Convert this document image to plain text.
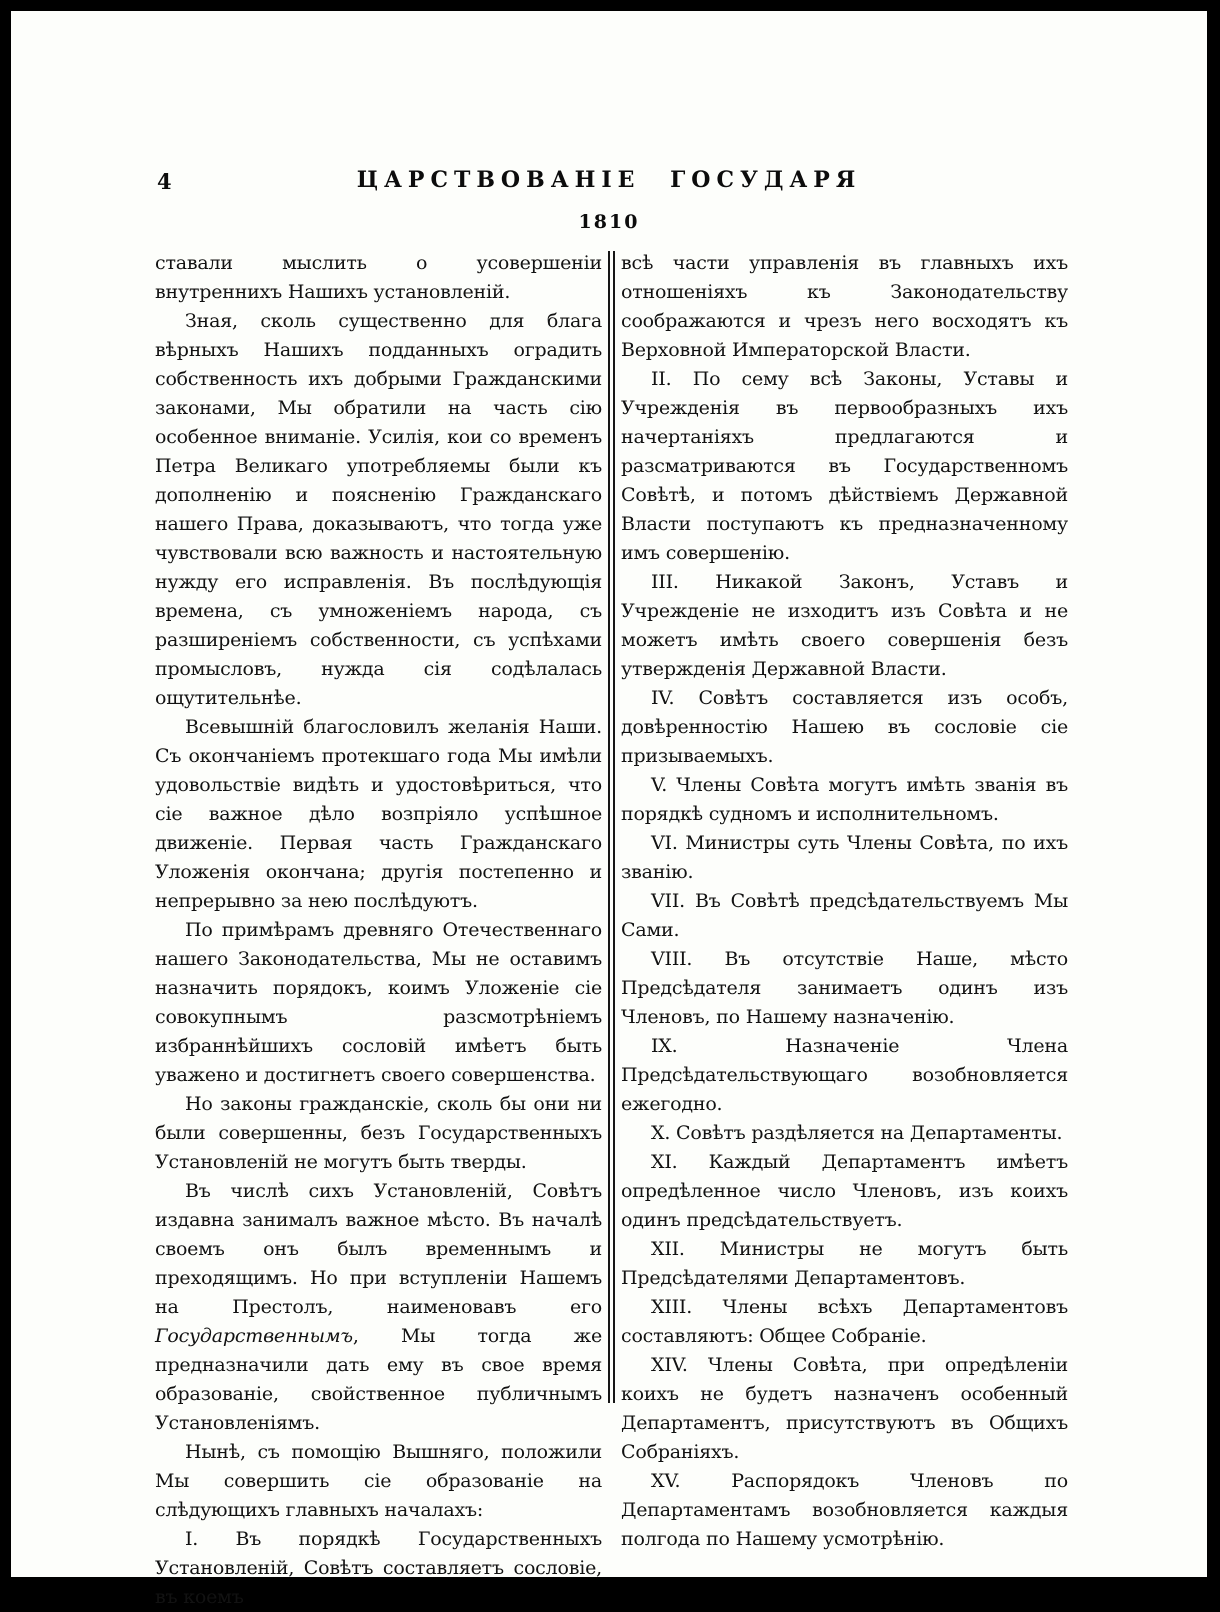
4	ЦАРСТВОВАНІЕ ГОСУДАРЯ
1810

ставали мыслить о усовершеніи внутреннихъ Нашихъ установленій.

Зная, сколь существенно для блага вѣрныхъ Нашихъ подданныхъ оградить собственность ихъ добрыми Гражданскими законами, Мы обратили на часть сію особенное вниманіе. Усилія, кои со временъ Петра Великаго употребляемы были къ дополненію и поясненію Гражданскаго нашего Права, доказываютъ, что тогда уже чувствовали всю важность и настоятельную нужду его исправленія. Въ послѣдующія времена, съ умноженіемъ народа, съ разширеніемъ собственности, съ успѣхами промысловъ, нужда сія содѣлалась ощутительнѣе.

Всевышній благословилъ желанія Наши. Съ окончаніемъ протекшаго года Мы имѣли удовольствіе видѣть и удостовѣриться, что сіе важное дѣло возпріяло успѣшное движеніе. Первая часть Гражданскаго Уложенія окончана; другія постепенно и непрерывно за нею послѣдуютъ.

По примѣрамъ древняго Отечественнаго нашего Законодательства, Мы не оставимъ назначить порядокъ, коимъ Уложеніе сіе совокупнымъ разсмотрѣніемъ избраннѣйшихъ сословій имѣетъ быть уважено и достигнетъ своего совершенства.

Но законы гражданскіе, сколь бы они ни были совершенны, безъ Государственныхъ Установленій не могутъ быть тверды.

Въ числѣ сихъ Установленій, Совѣтъ издавна занималъ важное мѣсто. Въ началѣ своемъ онъ былъ временнымъ и преходящимъ. Но при вступленіи Нашемъ на Престолъ, наименовавъ его Государственнымъ, Мы тогда же предназначили дать ему въ свое время образованіе, свойственное публичнымъ Установленіямъ.

Нынѣ, съ помощію Вышняго, положили Мы совершить сіе образованіе на слѣдующихъ главныхъ началахъ:

I. Въ порядкѣ Государственныхъ Установленій, Совѣтъ составляетъ сословіе, въ коемъ

всѣ части управленія въ главныхъ ихъ отношеніяхъ къ Законодательству соображаются и чрезъ него восходятъ къ Верховной Императорской Власти.

II. По сему всѣ Законы, Уставы и Учрежденія въ первообразныхъ ихъ начертаніяхъ предлагаются и разсматриваются въ Государственномъ Совѣтѣ, и потомъ дѣйствіемъ Державной Власти поступаютъ къ предназначенному имъ совершенію.

III. Никакой Законъ, Уставъ и Учрежденіе не изходитъ изъ Совѣта и не можетъ имѣть своего совершенія безъ утвержденія Державной Власти.

IV. Совѣтъ составляется изъ особъ, довѣренностію Нашею въ сословіе сіе призываемыхъ.

V. Члены Совѣта могутъ имѣть званія въ порядкѣ судномъ и исполнительномъ.

VI. Министры суть Члены Совѣта, по ихъ званію.

VII. Въ Совѣтѣ предсѣдательствуемъ Мы Сами.

VIII. Въ отсутствіе Наше, мѣсто Предсѣдателя занимаетъ одинъ изъ Членовъ, по Нашему назначенію.

IX. Назначеніе Члена Предсѣдательствующаго возобновляется ежегодно.

X. Совѣтъ раздѣляется на Департаменты.

XI. Каждый Департаментъ имѣетъ опредѣленное число Членовъ, изъ коихъ одинъ предсѣдательствуетъ.

XII. Министры не могутъ быть Предсѣдателями Департаментовъ.

XIII. Члены всѣхъ Департаментовъ составляютъ: Общее Собраніе.

XIV. Члены Совѣта, при опредѣленіи коихъ не будетъ назначенъ особенный Департаментъ, присутствуютъ въ Общихъ Собраніяхъ.

XV. Распорядокъ Членовъ по Департаментамъ возобновляется каждыя полгода по Нашему усмотрѣнію.
